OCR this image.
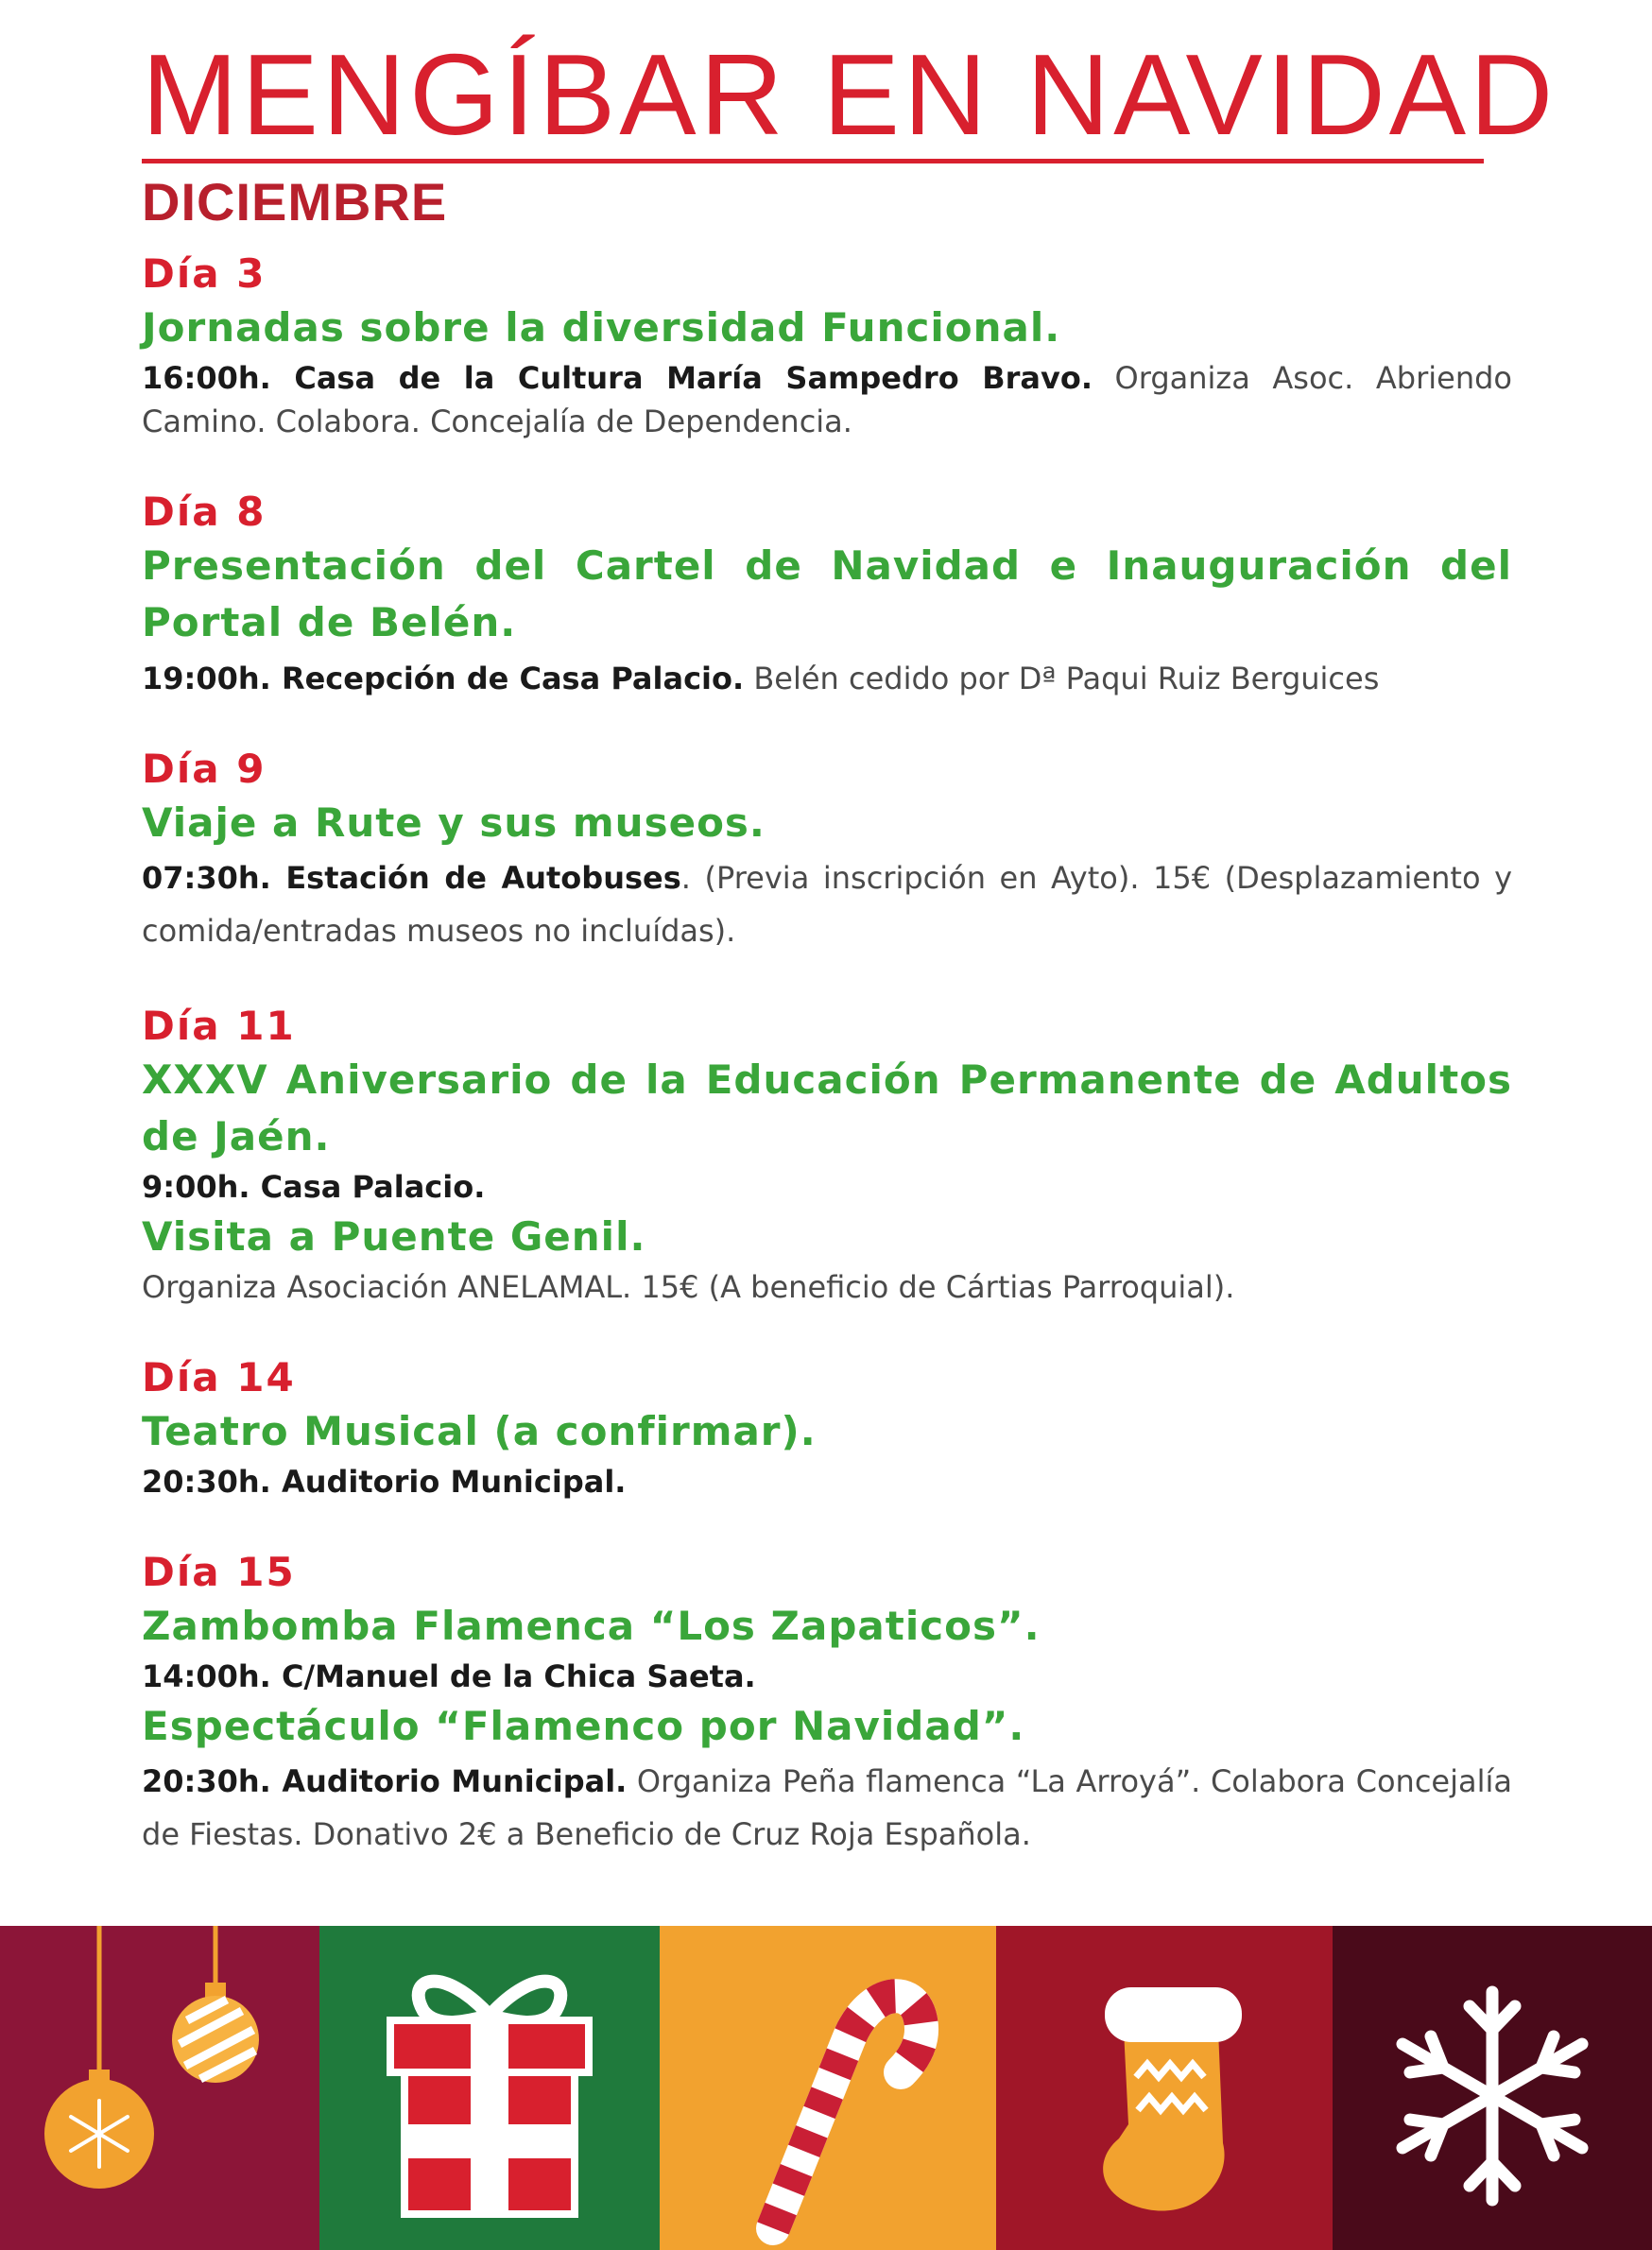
MENGÍBAR EN NAVIDAD
DICIEMBRE

Día 3

Jornadas sobre la diversidad Funcional.

16:00h. Casa de la Cultura María Sampedro Bravo. Organiza Asoc. Abriendo Camino. Colabora. Concejalía de Dependencia.

Día 8

Presentación del Cartel de Navidad e Inauguración del Portal de Belén.

19:00h. Recepción de Casa Palacio. Belén cedido por Dª Paqui Ruiz Berguices

Día 9

Viaje a Rute y sus museos.

07:30h. Estación de Autobuses. (Previa inscripción en Ayto). 15€ (Desplazamiento y comida/entradas museos no incluídas).

Día 11

XXXV Aniversario de la Educación Permanente de Adultos de Jaén.

9:00h. Casa Palacio.

Visita a Puente Genil.

Organiza Asociación ANELAMAL. 15€ (A beneficio de Cártias Parroquial).

Día 14

Teatro Musical (a confirmar).

20:30h. Auditorio Municipal.

Día 15

Zambomba Flamenca “Los Zapaticos”.

14:00h. C/Manuel de la Chica Saeta.

Espectáculo “Flamenco por Navidad”.

20:30h. Auditorio Municipal. Organiza Peña flamenca “La Arroyá”. Colabora Concejalía de Fiestas. Donativo 2€ a Beneficio de Cruz Roja Española.
